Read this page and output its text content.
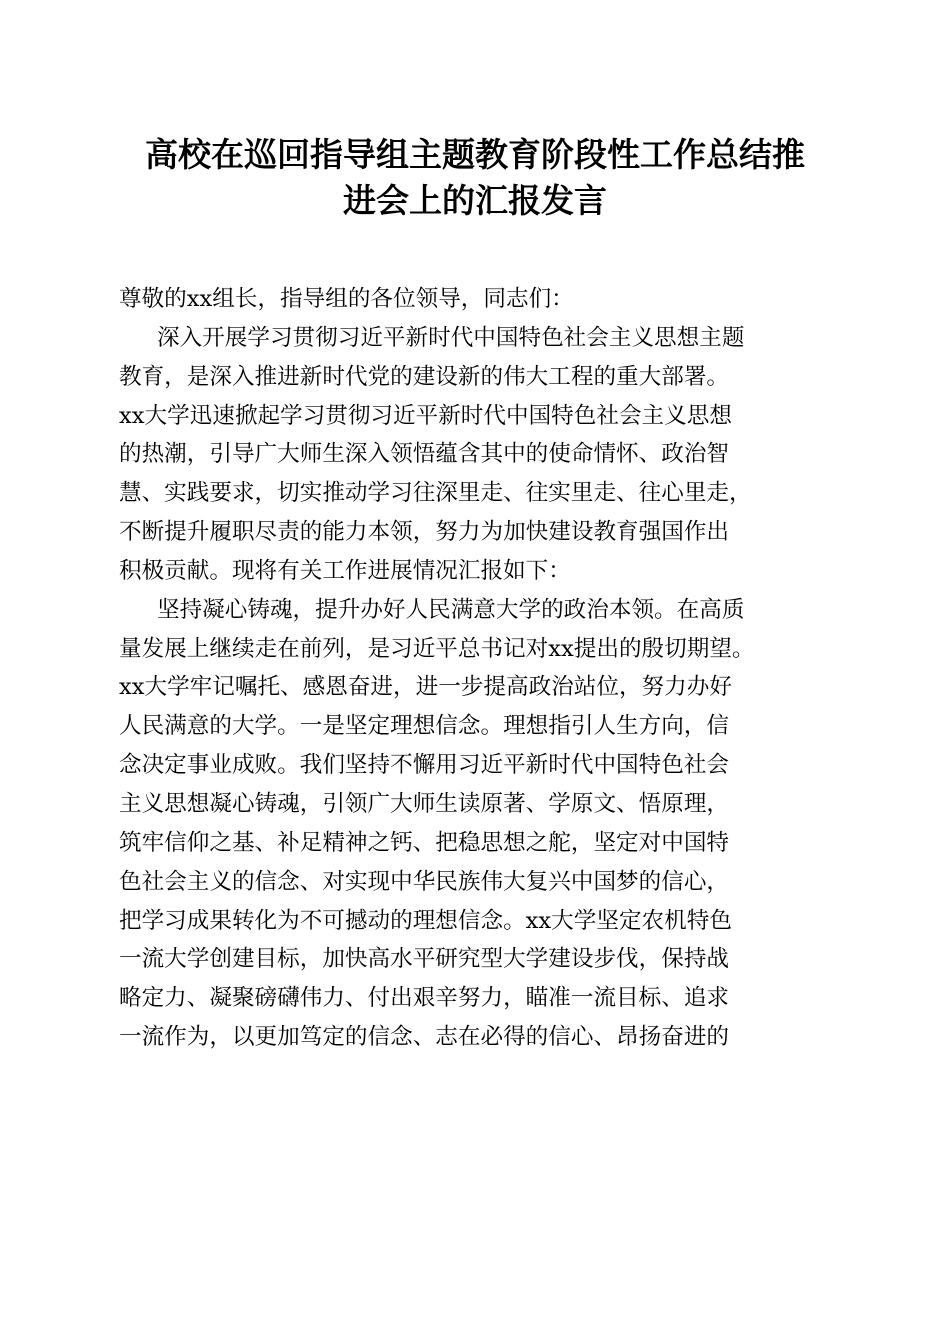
高校在巡回指导组主题教育阶段性工作总结推
进会上的汇报发言
尊敬的xx组长，指导组的各位领导，同志们：
深入开展学习贯彻习近平新时代中国特色社会主义思想主题
教育，是深入推进新时代党的建设新的伟大工程的重大部署。
xx大学迅速掀起学习贯彻习近平新时代中国特色社会主义思想
的热潮，引导广大师生深入领悟蕴含其中的使命情怀、政治智
慧、实践要求，切实推动学习往深里走、往实里走、往心里走，
不断提升履职尽责的能力本领，努力为加快建设教育强国作出
积极贡献。现将有关工作进展情况汇报如下：
坚持凝心铸魂，提升办好人民满意大学的政治本领。在高质
量发展上继续走在前列，是习近平总书记对xx提出的殷切期望。
xx大学牢记嘱托、感恩奋进，进一步提高政治站位，努力办好
人民满意的大学。一是坚定理想信念。理想指引人生方向，信
念决定事业成败。我们坚持不懈用习近平新时代中国特色社会
主义思想凝心铸魂，引领广大师生读原著、学原文、悟原理，
筑牢信仰之基、补足精神之钙、把稳思想之舵，坚定对中国特
色社会主义的信念、对实现中华民族伟大复兴中国梦的信心，
把学习成果转化为不可撼动的理想信念。xx大学坚定农机特色
一流大学创建目标，加快高水平研究型大学建设步伐，保持战
略定力、凝聚磅礴伟力、付出艰辛努力，瞄准一流目标、追求
一流作为，以更加笃定的信念、志在必得的信心、昂扬奋进的
